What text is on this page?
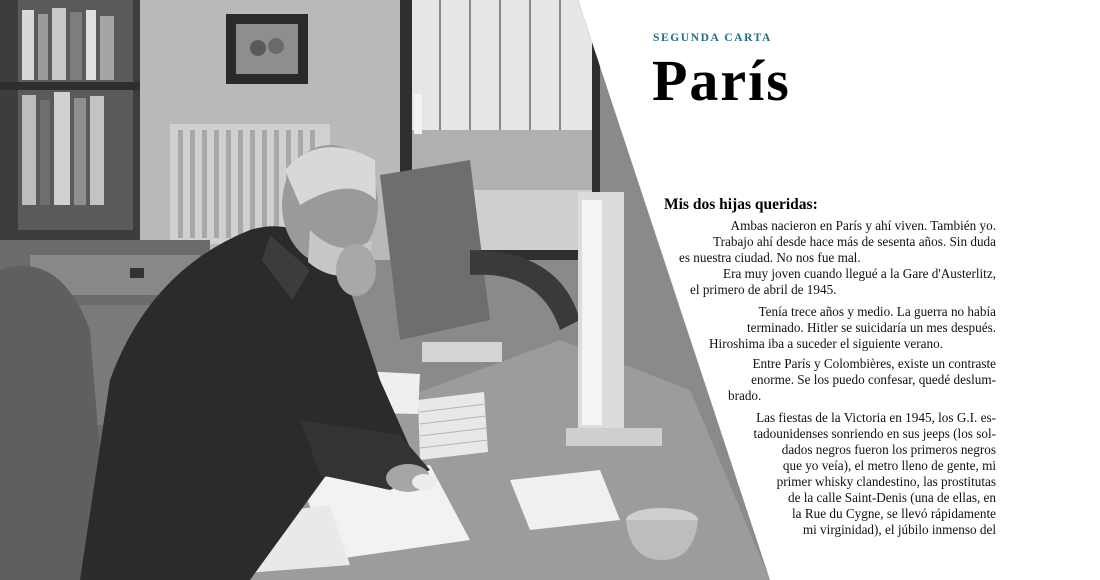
SEGUNDA CARTA
París
Mis dos hijas queridas:
Ambas nacieron en París y ahí viven. También yo.
Trabajo ahí desde hace más de sesenta años. Sin duda
es nuestra ciudad. No nos fue mal.
Era muy joven cuando llegué a la Gare d'Austerlitz,
el primero de abril de 1945.
Tenía trece años y medio. La guerra no había
terminado. Hitler se suicidaría un mes después.
Hiroshima iba a suceder el siguiente verano.
Entre París y Colombières, existe un contraste
enorme. Se los puedo confesar, quedé deslum-
brado.
Las fiestas de la Victoria en 1945, los G.I. es-
tadounidenses sonriendo en sus jeeps (los sol-
dados negros fueron los primeros negros
que yo veía), el metro lleno de gente, mi
primer whisky clandestino, las prostitutas
de la calle Saint-Denis (una de ellas, en
la Rue du Cygne, se llevó rápidamente
mi virginidad), el júbilo inmenso del
